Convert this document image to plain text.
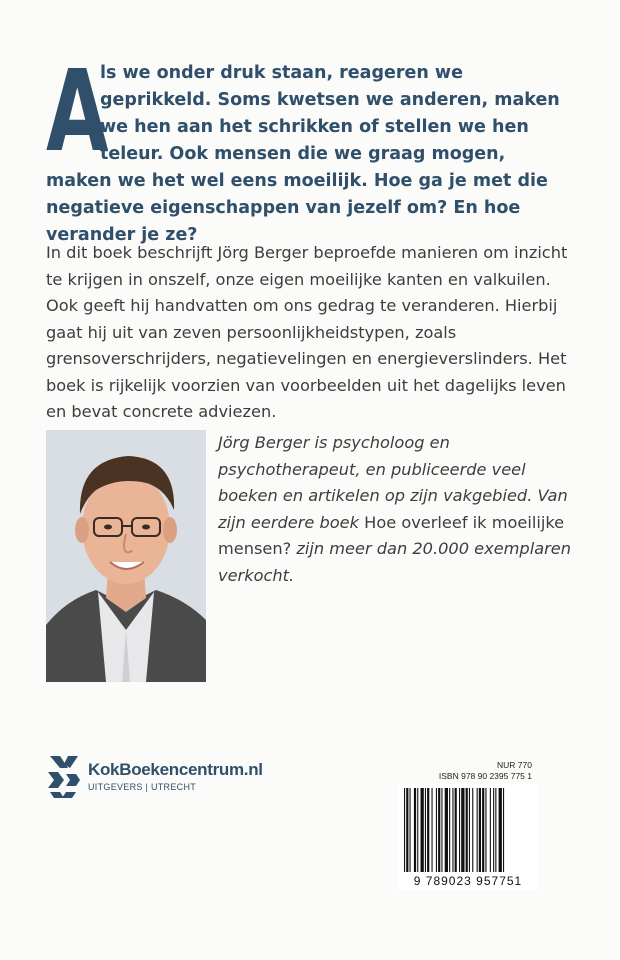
A
ls we onder druk staan, reageren we geprikkeld. Soms kwetsen we anderen, maken we hen aan het schrikken of stellen we hen teleur. Ook mensen die we graag mogen, maken we het wel eens moeilijk. Hoe ga je met die negatieve eigenschappen van jezelf om? En hoe verander je ze?
In dit boek beschrijft Jörg Berger beproefde manieren om inzicht te krijgen in onszelf, onze eigen moeilijke kanten en valkuilen. Ook geeft hij handvatten om ons gedrag te veranderen. Hierbij gaat hij uit van zeven persoonlijkheidstypen, zoals grensoverschrijders, negatievelingen en energieverslinders. Het boek is rijkelijk voorzien van voorbeelden uit het dagelijks leven en bevat concrete adviezen.
Jörg Berger is psycholoog en psychotherapeut, en publiceerde veel boeken en artikelen op zijn vakgebied. Van zijn eerdere boek Hoe overleef ik moeilijke mensen? zijn meer dan 20.000 exemplaren verkocht.
KokBoekencentrum.nl
UITGEVERS | UTRECHT
NUR 770
ISBN 978 90 2395 775 1
9 789023 957751
